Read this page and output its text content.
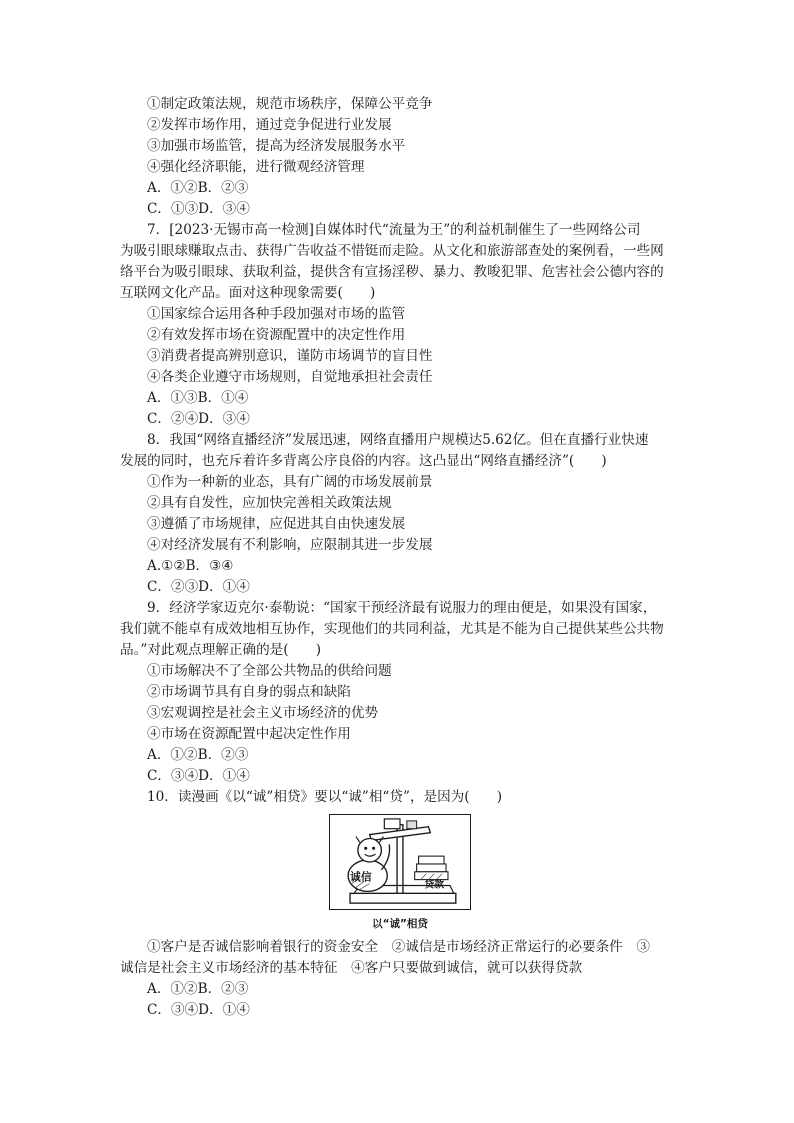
①制定政策法规，规范市场秩序，保障公平竞争
②发挥市场作用，通过竞争促进行业发展
③加强市场监管，提高为经济发展服务水平
④强化经济职能，进行微观经济管理
A．①②B．②③
C．①③D．③④
7．[2023·无锡市高一检测]自媒体时代“流量为王”的利益机制催生了一些网络公司
为吸引眼球赚取点击、获得广告收益不惜铤而走险。从文化和旅游部查处的案例看，一些网
络平台为吸引眼球、获取利益，提供含有宣扬淫秽、暴力、教唆犯罪、危害社会公德内容的
互联网文化产品。面对这种现象需要(　　)
①国家综合运用各种手段加强对市场的监管
②有效发挥市场在资源配置中的决定性作用
③消费者提高辨别意识，谨防市场调节的盲目性
④各类企业遵守市场规则，自觉地承担社会责任
A．①③B．①④
C．②④D．③④
8．我国“网络直播经济”发展迅速，网络直播用户规模达5.62亿。但在直播行业快速
发展的同时，也充斥着许多背离公序良俗的内容。这凸显出“网络直播经济”(　　)
①作为一种新的业态，具有广阔的市场发展前景
②具有自发性，应加快完善相关政策法规
③遵循了市场规律，应促进其自由快速发展
④对经济发展有不利影响，应限制其进一步发展
A.①②B．③④
C．②③D．①④
9．经济学家迈克尔·泰勒说：“国家干预经济最有说服力的理由便是，如果没有国家，
我们就不能卓有成效地相互协作，实现他们的共同利益，尤其是不能为自己提供某些公共物
品。”对此观点理解正确的是(　　)
①市场解决不了全部公共物品的供给问题
②市场调节具有自身的弱点和缺陷
③宏观调控是社会主义市场经济的优势
④市场在资源配置中起决定性作用
A．①②B．②③
C．③④D．①④
10．读漫画《以“诚”相贷》要以“诚”相“贷”，是因为(　　)
诚信
贷款
以“诚”相贷
①客户是否诚信影响着银行的资金安全　②诚信是市场经济正常运行的必要条件　③
诚信是社会主义市场经济的基本特征　④客户只要做到诚信，就可以获得贷款
A．①②B．②③
C．③④D．①④
